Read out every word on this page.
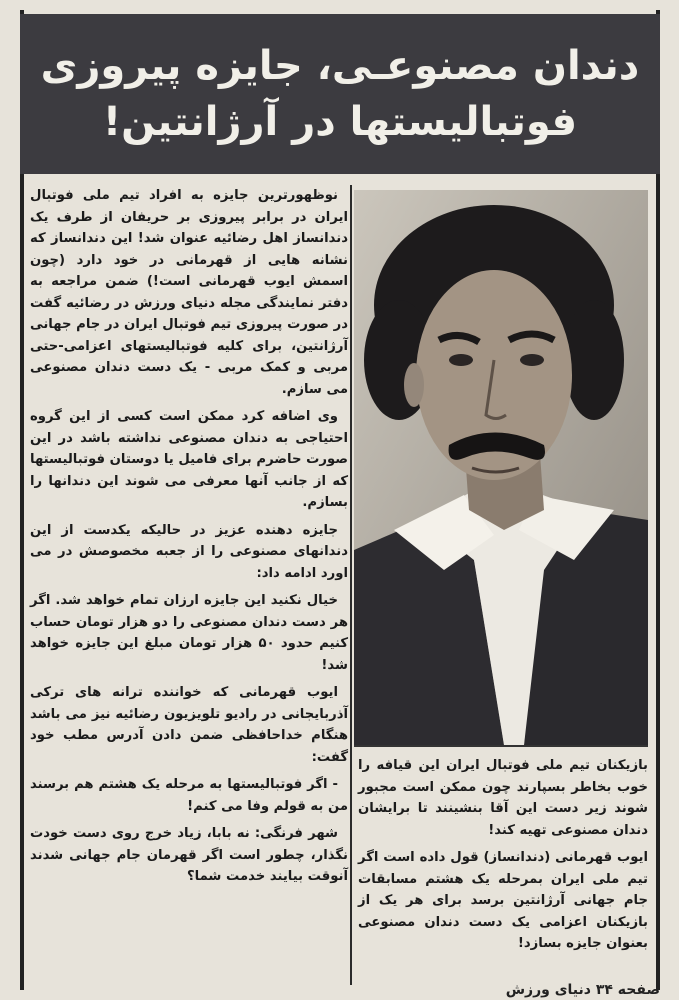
دندان مصنوعـی، جایزه پیروزی
فوتبالیستها در آرژانتین!

نوظهورترین جایزه به افراد تیم ملی فوتبال ایران در برابر پیروزی بر حریفان از طرف یک دندانساز اهل رضائیه عنوان شد! این دندانساز که نشانه هایی از قهرمانی در خود دارد (چون اسمش ایوب قهرمانی است!) ضمن مراجعه به دفتر نمایندگی مجله دنیای ورزش در رضائیه گفت در صورت پیروزی تیم فوتبال ایران در جام جهانی آرژانتین، برای کلیه فوتبالیستهای اعزامی-حتی مربی و کمک مربی - یک دست دندان مصنوعی می سازم.

وی اضافه کرد ممکن است کسی از این گروه احتیاجی به دندان مصنوعی نداشته باشد در این صورت حاضرم برای فامیل یا دوستان فوتبالیستها که از جانب آنها معرفی می شوند این دندانها را بسازم.

جایزه دهنده عزیز در حالیکه یکدست از این دندانهای مصنوعی را از جعبه مخصوصش در می اورد ادامه داد:

خیال نکنید این جایزه ارزان تمام خواهد شد. اگر هر دست دندان مصنوعی را دو هزار تومان حساب کنیم حدود ۵۰ هزار تومان مبلغ این جایزه خواهد شد!

ایوب قهرمانی که خواننده ترانه های ترکی آذربایجانی در رادیو تلویزیون رضائیه نیز می باشد هنگام خداحافظی ضمن دادن آدرس مطب خود گفت:

- اگر فوتبالیستها به مرحله یک هشتم هم برسند من به قولم وفا می کنم!

شهر فرنگی: نه بابا، زیاد خرج روی دست خودت نگذار، چطور است اگر قهرمان جام جهانی شدند آنوقت بیایند خدمت شما؟

بازیکنان تیم ملی فوتبال ایران این قیافه را خوب بخاطر بسپارند چون ممکن است مجبور شوند زیر دست این آقا بنشینند تا برایشان دندان مصنوعی تهیه کند!

ایوب قهرمانی (دندانساز) قول داده است اگر تیم ملی ایران بمرحله یک هشتم مسابقات جام جهانی آرژانتین برسد برای هر یک از بازیکنان اعزامی یک دست دندان مصنوعی بعنوان جایزه بسازد!

صفحه ۳۴ دنیای ورزش
